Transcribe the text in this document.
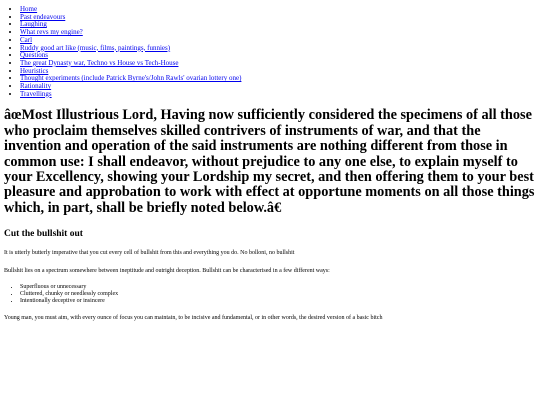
• Home
• Past endeavours
• Laughing
• What revs my engine?
• Carl
• Ruddy good art like (music, films, paintings, funnies)
• Questions
• The great Dynasty war, Techno vs House vs Tech-House
• Heuristics
• Thought experiments (include Patrick Byrne's/John Rawls' ovarian lottery one)
• Rationality
• Travellings
âœMost Illustrious Lord, Having now sufficiently considered the specimens of all those who proclaim themselves skilled contrivers of instruments of war, and that the invention and operation of the said instruments are nothing different from those in common use: I shall endeavor, without prejudice to any one else, to explain myself to your Excellency, showing your Lordship my secret, and then offering them to your best pleasure and approbation to work with effect at opportune moments on all those things which, in part, shall be briefly noted below.â€
Cut the bullshit out

It is utterly butterly imperative that you cut every cell of bullshit from this and everything you do. No bolloni, no bullshit

Bullshit lies on a spectrum somewhere between ineptitude and outright deception. Bullshit can be characterised in a few different ways:

• Superfluous or unnecessary
• Cluttered, chunky or needlessly complex
• Intentionally deceptive or insincere

Young man, you must aim, with every ounce of focus you can maintain, to be incisive and fundamental, or in other words, the desired version of a basic bitch
